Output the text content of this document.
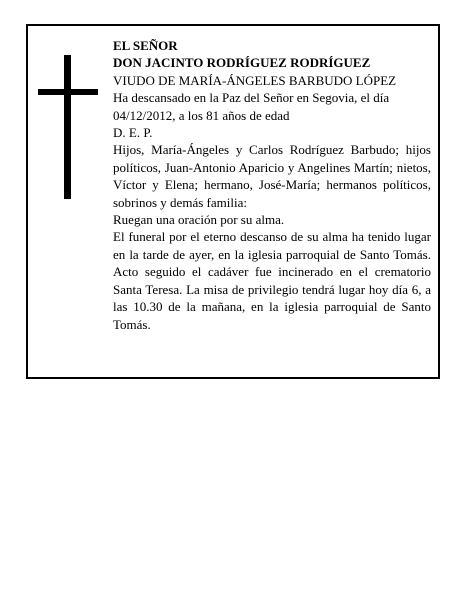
EL SEÑOR
DON JACINTO RODRÍGUEZ RODRÍGUEZ
VIUDO DE MARÍA-ÁNGELES BARBUDO LÓPEZ
Ha descansado en la Paz del Señor en Segovia, el día
04/12/2012, a los 81 años de edad
D. E. P.
Hijos, María-Ángeles y Carlos Rodríguez Barbudo; hijos políticos, Juan-Antonio Aparicio y Angelines Martín; nietos, Víctor y Elena; hermano, José-María; hermanos políticos, sobrinos y demás familia:
Ruegan una oración por su alma.
El funeral por el eterno descanso de su alma ha tenido lugar en la tarde de ayer, en la iglesia parroquial de Santo Tomás. Acto seguido el cadáver fue incinerado en el crematorio Santa Teresa. La misa de privilegio tendrá lugar hoy día 6, a las 10.30 de la mañana, en la iglesia parroquial de Santo Tomás.
